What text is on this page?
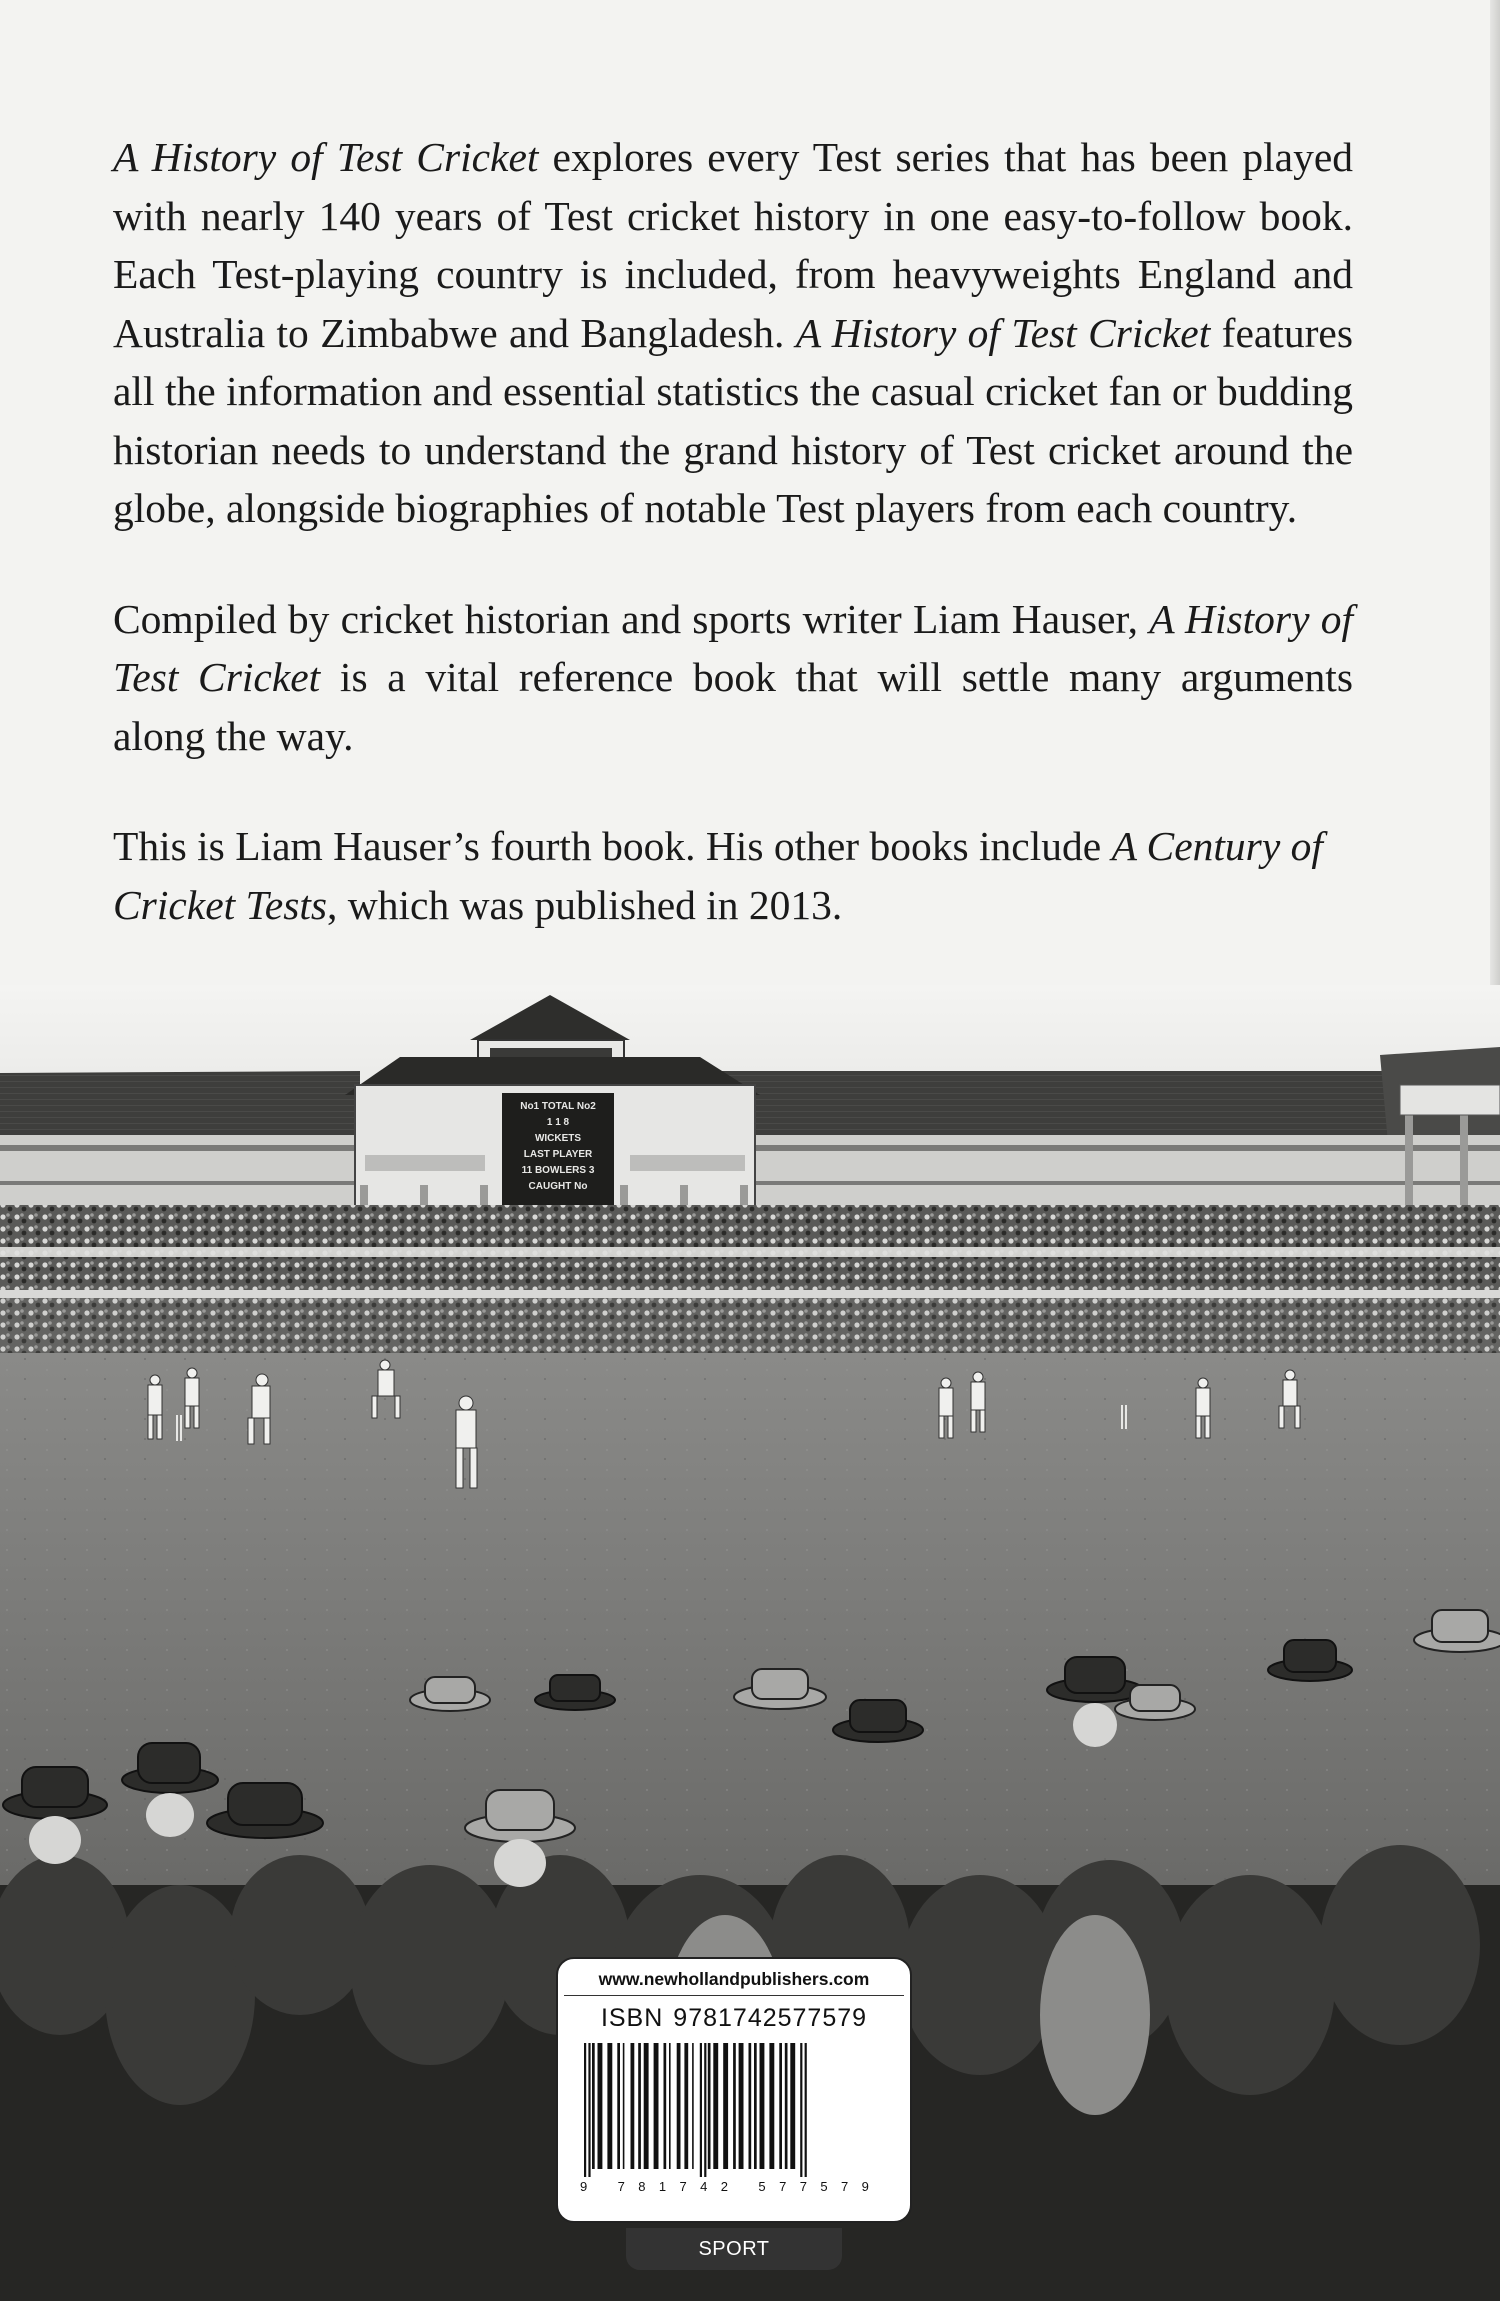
A History of Test Cricket explores every Test series that has been played with nearly 140 years of Test cricket history in one easy-to-follow book. Each Test-playing country is included, from heavyweights England and Australia to Zimbabwe and Bangladesh. A History of Test Cricket features all the information and essential statistics the casual cricket fan or budding historian needs to understand the grand history of Test cricket around the globe, alongside biographies of notable Test players from each country.

Compiled by cricket historian and sports writer Liam Hauser, A History of Test Cricket is a vital reference book that will settle many arguments along the way.

This is Liam Hauser’s fourth book. His other books include A Century of Cricket Tests, which was published in 2013.

No1 TOTAL No2
1 1 8
WICKETS
LAST PLAYER
11 BOWLERS 3
CAUGHT No
www.newhollandpublishers.com
ISBN 9781742577579
9 781742 577579
SPORT
